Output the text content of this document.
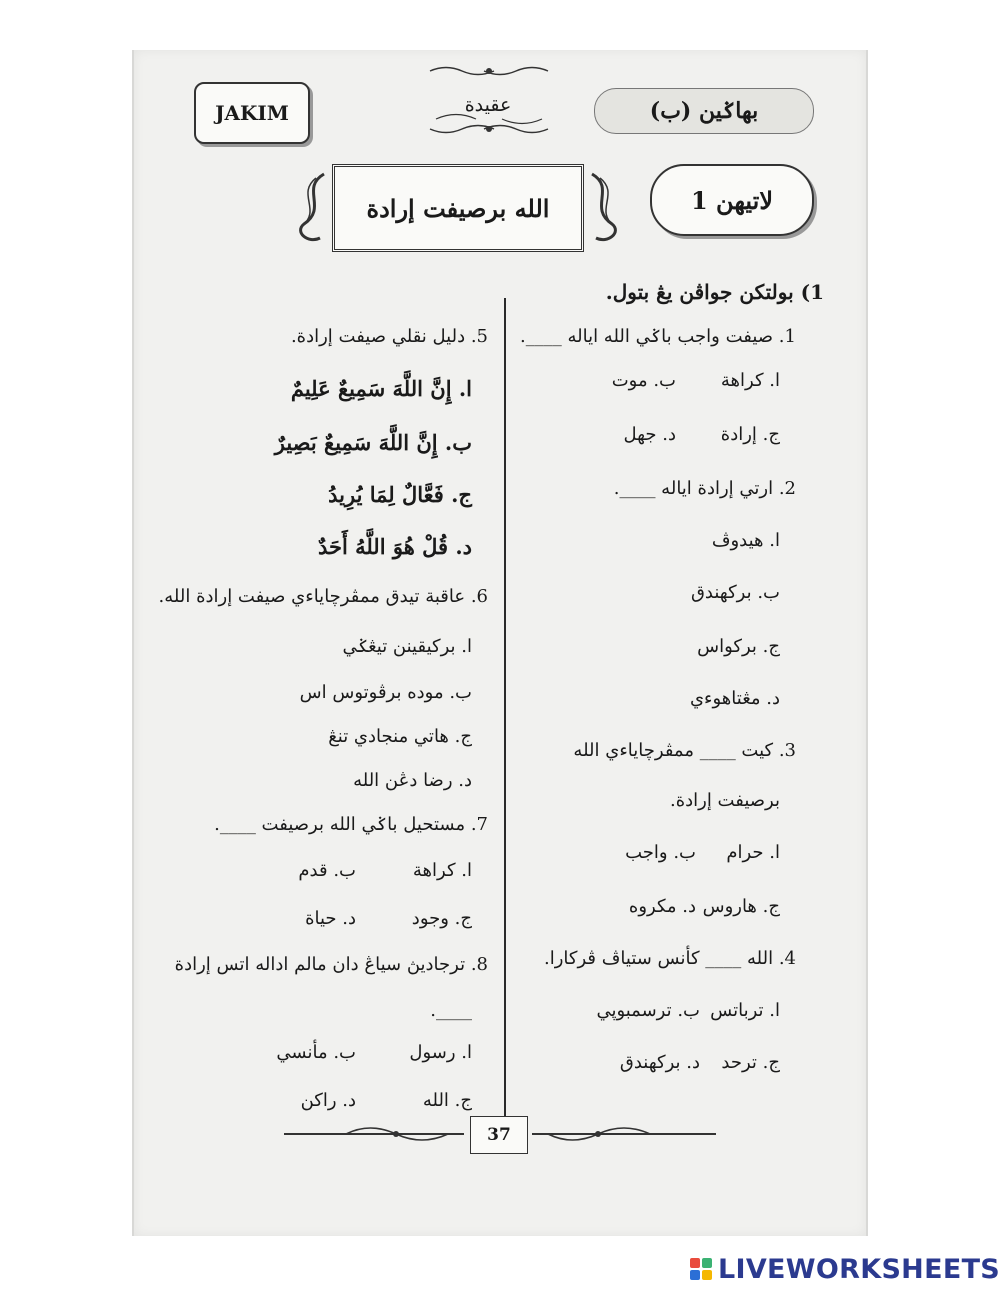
JAKIM	عقيدة	بهاݢين (ب)
الله برصيفت إرادة	لاتيهن 1
1) بولتكن جواڤن يڠ بتول.
1. صيفت واجب باݢي الله اياله ____.
ا. كراهة
ب. موت
ج. إرادة
د. جهل
2. ارتي إرادة اياله ____.
ا. هيدوڤ
ب. بركهندق
ج. بركواس
د. مڠتاهوءي
3. كيت ____ ممڤرچاياءي الله
برصيفت إرادة.
ا. حرام
ب. واجب
ج. هاروس
د. مكروه
4. الله ____ كأنس ستياڤ ڤركارا.
ا. ترباتس
ب. ترسمبوڽي
ج. ترحد
د. بركهندق
5. دليل نقلي صيفت إرادة.
ا. إِنَّ اللَّهَ سَمِيعٌ عَلِيمٌ
ب. إِنَّ اللَّهَ سَمِيعٌ بَصِيرٌ
ج. فَعَّالٌ لِمَا يُرِيدُ
د. قُلْ هُوَ اللَّهُ أَحَدٌ
6. عاقبة تيدق ممڤرچاياءي صيفت إرادة الله.
ا. بركيقينن تيڠݢي
ب. موده برڤوتوس اس
ج. هاتي منجادي تنڠ
د. رضا دڠن الله
7. مستحيل باݢي الله برصيفت ____.
ا. كراهة
ب. قدم
ج. وجود
د. حياة
8. ترجاديڽ سياڠ دان مالم اداله اتس إرادة
____.
ا. رسول
ب. مأنسي
ج. الله
د. راكن
37
LIVEWORKSHEETS
